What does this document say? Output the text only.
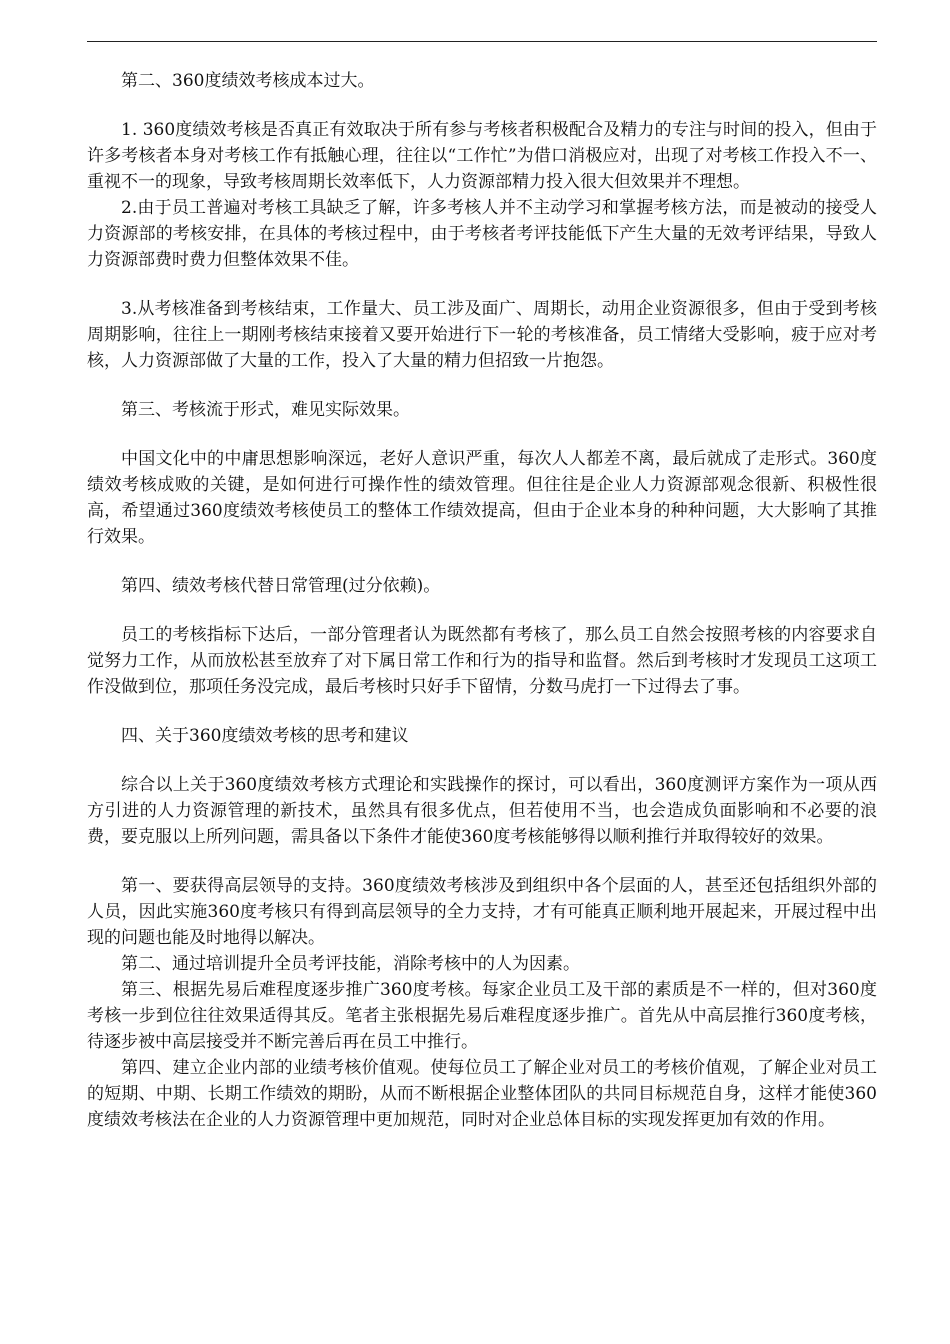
第二、360度绩效考核成本过大。

1. 360度绩效考核是否真正有效取决于所有参与考核者积极配合及精力的专注与时间的投入，但由于许多考核者本身对考核工作有抵触心理，往往以“工作忙”为借口消极应对，出现了对考核工作投入不一、重视不一的现象，导致考核周期长效率低下，人力资源部精力投入很大但效果并不理想。

2.由于员工普遍对考核工具缺乏了解，许多考核人并不主动学习和掌握考核方法，而是被动的接受人力资源部的考核安排，在具体的考核过程中，由于考核者考评技能低下产生大量的无效考评结果，导致人力资源部费时费力但整体效果不佳。

3.从考核准备到考核结束，工作量大、员工涉及面广、周期长，动用企业资源很多，但由于受到考核周期影响，往往上一期刚考核结束接着又要开始进行下一轮的考核准备，员工情绪大受影响，疲于应对考核，人力资源部做了大量的工作，投入了大量的精力但招致一片抱怨。

第三、考核流于形式，难见实际效果。

中国文化中的中庸思想影响深远，老好人意识严重，每次人人都差不离，最后就成了走形式。360度绩效考核成败的关键，是如何进行可操作性的绩效管理。但往往是企业人力资源部观念很新、积极性很高，希望通过360度绩效考核使员工的整体工作绩效提高，但由于企业本身的种种问题，大大影响了其推行效果。

第四、绩效考核代替日常管理(过分依赖)。

员工的考核指标下达后，一部分管理者认为既然都有考核了，那么员工自然会按照考核的内容要求自觉努力工作，从而放松甚至放弃了对下属日常工作和行为的指导和监督。然后到考核时才发现员工这项工作没做到位，那项任务没完成，最后考核时只好手下留情，分数马虎打一下过得去了事。

四、关于360度绩效考核的思考和建议

综合以上关于360度绩效考核方式理论和实践操作的探讨，可以看出，360度测评方案作为一项从西方引进的人力资源管理的新技术，虽然具有很多优点，但若使用不当，也会造成负面影响和不必要的浪费，要克服以上所列问题，需具备以下条件才能使360度考核能够得以顺利推行并取得较好的效果。

第一、要获得高层领导的支持。360度绩效考核涉及到组织中各个层面的人，甚至还包括组织外部的人员，因此实施360度考核只有得到高层领导的全力支持，才有可能真正顺利地开展起来，开展过程中出现的问题也能及时地得以解决。

第二、通过培训提升全员考评技能，消除考核中的人为因素。

第三、根据先易后难程度逐步推广360度考核。每家企业员工及干部的素质是不一样的，但对360度考核一步到位往往效果适得其反。笔者主张根据先易后难程度逐步推广。首先从中高层推行360度考核，待逐步被中高层接受并不断完善后再在员工中推行。

第四、建立企业内部的业绩考核价值观。使每位员工了解企业对员工的考核价值观，了解企业对员工的短期、中期、长期工作绩效的期盼，从而不断根据企业整体团队的共同目标规范自身，这样才能使360度绩效考核法在企业的人力资源管理中更加规范，同时对企业总体目标的实现发挥更加有效的作用。
